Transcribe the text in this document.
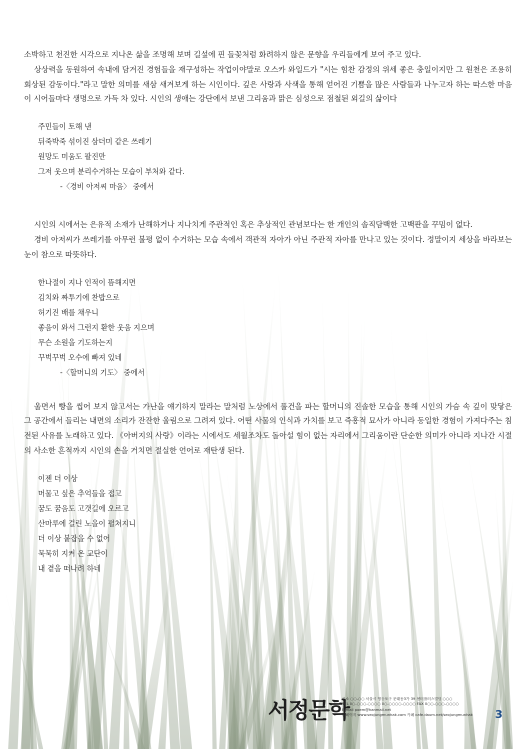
소박하고 천진한 시각으로 지나온 삶을 조명해 보며 길섶에 핀 들꽃처럼 화려하지 않은 문향을 우리들에게 보여 주고 있다.

상상력을 동원하여 속내에 담겨진 경험들을 재구성하는 작업이야말로 오스카 와일드가 "시는 힘찬 감정의 위세 좋은 충일이지만 그 원천은 조용히 회상된 감동이다."라고 말한 의미를 새삼 새겨보게 하는 시인이다. 깊은 사랑과 사색을 통해 얻어진 기쁨을 많은 사람들과 나누고자 하는 따스한 마음이 시어들마다 생명으로 가득 차 있다. 시인의 생애는 강단에서 보낸 그리움과 맑은 심성으로 점철된 외길의 삶이다

주민들이 토해 낸
뒤죽박죽 섞이진 삼더미 같은 쓰레기
원망도 미움도 팔진만
그저 웃으며 분리수거하는 모습이 부처와 같다.
-〈경비 아저씨 마음〉 중에서

시인의 시에서는 은유적 소재가 난해하거나 지나치게 주관적인 혹은 추상적인 관념보다는 한 개인의 솔직담백한 고백판을 꾸밈이 없다.

경비 아저씨가 쓰레기를 아무런 불평 없이 수거하는 모습 속에서 객관적 자아가 아닌 주관적 자아를 만나고 있는 것이다. 정말이지 세상을 바라보는 눈이 참으로 따뜻하다.

한나절이 지나 인적이 뜸해지면
김치와 짜투기에 찬밥으로
허기진 배를 채우니
좋음이 와서 그런지 환한 웃음 지으며
무슨 소원을 기도하는지
꾸벅꾸벅 오수에 빠져 있네
-〈할머니의 기도〉 중에서

울면서 빵을 씹어 보지 않고서는 가난을 얘기하지 말라는 말처럼 노상에서 풀건을 파는 할머니의 진솔한 모습을 통해 시인의 가슴 속 깊이 맞닿은 그 공간에서 들리는 내면의 소리가 잔잔한 울림으로 그려져 있다. 어떤 사물의 인식과 가치를 보고 즉흥적 묘사가 아니라 동일한 경험이 가져다주는 침전된 사유를 노래하고 있다. 《아버지의 사랑》이라는 시에서도 세월조차도 돌아설 힘이 없는 자리에서 그리움이란 단순한 의미가 아니라 지나간 시절의 사소한 흔적까지 시인의 손을 거치면 절실한 언어로 재탄생 된다.

이젠 더 이상
머물고 싶은 추억들을 접고
꿈도 꿈음도 고갯길에 오르고
산마루에 걸린 노을이 펼쳐지니
더 이상 붙잡을 수 없어
묵묵히 지켜 온 교단이
내 곁을 떠나려 하네
서정문학
주소 ○○-○○ 서울시 영등포구 문래동3가 39 센터플러스빌딩 ○○○
TEL 0○-○○○-○○○○ 0○-○○○○-○○○○ FAX 0○○-○○○-○○○○
E-mail poem@hanmail.net
홈페이지 www.seojungmunhak.com 카페 cafe.daum.net/seojungmunhak	3
